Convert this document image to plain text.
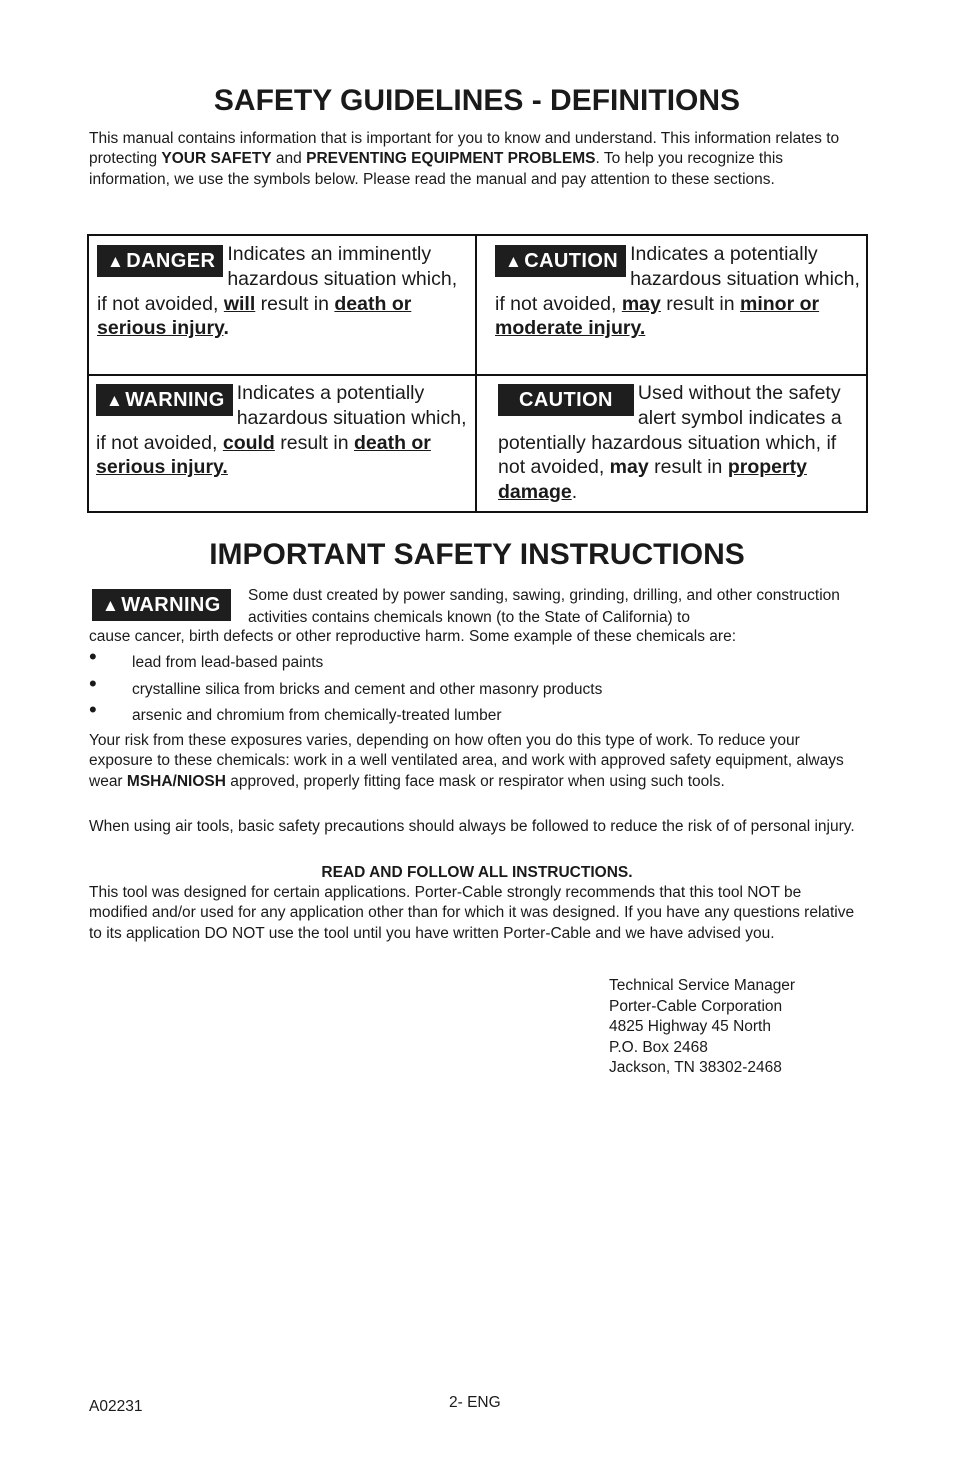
SAFETY GUIDELINES - DEFINITIONS

This manual contains information that is important for you to know and understand. This information relates to protecting YOUR SAFETY and PREVENTING EQUIPMENT PROBLEMS. To help you recognize this information, we use the symbols below. Please read the manual and pay attention to these sections.

▲ DANGER Indicates an imminently hazardous situation which, if not avoided, will result in death or serious injury.

▲ CAUTION Indicates a potentially hazardous situation which, if not avoided, may result in minor or moderate injury.

▲ WARNING Indicates a potentially hazardous situation which, if not avoided, could result in death or serious injury.

CAUTION	Used without the safety alert symbol indicates a potentially hazardous situation which, if not avoided, may result in property damage.

IMPORTANT SAFETY INSTRUCTIONS
▲ WARNING	Some dust created by power sanding, sawing, grinding, drilling, and other construction activities contains chemicals known (to the State of California) to

cause cancer, birth defects or other reproductive harm. Some example of these chemicals are:

• lead from lead-based paints
• crystalline silica from bricks and cement and other masonry products
• arsenic and chromium from chemically-treated lumber

Your risk from these exposures varies, depending on how often you do this type of work. To reduce your exposure to these chemicals: work in a well ventilated area, and work with approved safety equipment, always wear MSHA/NIOSH approved, properly fitting face mask or respirator when using such tools.

When using air tools, basic safety precautions should always be followed to reduce the risk of of personal injury.

READ AND FOLLOW ALL INSTRUCTIONS.

This tool was designed for certain applications. Porter-Cable strongly recommends that this tool NOT be modified and/or used for any application other than for which it was designed. If you have any questions relative to its application DO NOT use the tool until you have written Porter-Cable and we have advised you.

Technical Service Manager
Porter-Cable Corporation
4825 Highway 45 North
P.O. Box 2468
Jackson, TN 38302-2468
A02231	2- ENG
